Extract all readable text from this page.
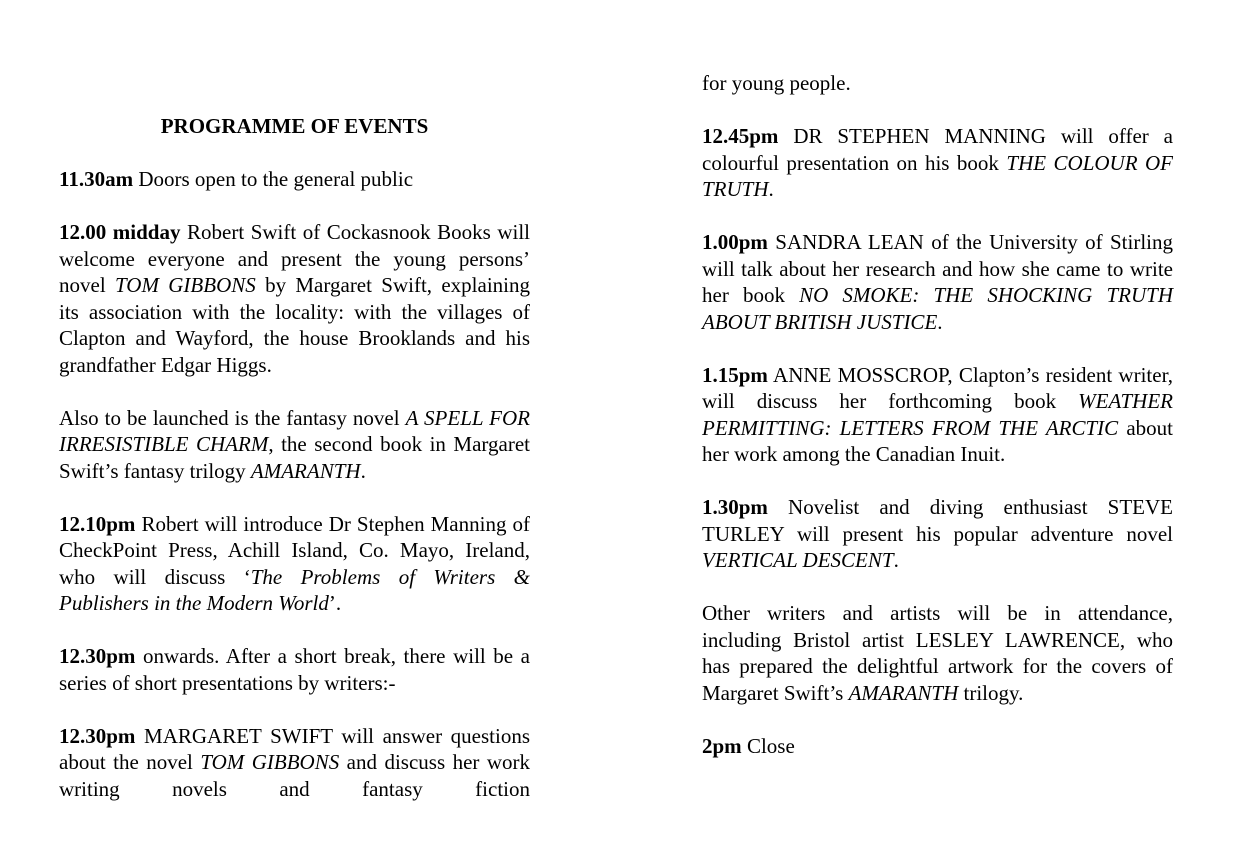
PROGRAMME OF EVENTS

11.30am Doors open to the general public

12.00 midday Robert Swift of Cockasnook Books will welcome everyone and present the young persons’ novel TOM GIBBONS by Margaret Swift, explaining its association with the locality: with the villages of Clapton and Wayford, the house Brooklands and his grandfather Edgar Higgs.

Also to be launched is the fantasy novel A SPELL FOR IRRESISTIBLE CHARM, the second book in Margaret Swift’s fantasy trilogy AMARANTH.

12.10pm Robert will introduce Dr Stephen Manning of CheckPoint Press, Achill Island, Co. Mayo, Ireland, who will discuss ‘The Problems of Writers & Publishers in the Modern World’.

12.30pm onwards. After a short break, there will be a series of short presentations by writers:-

12.30pm MARGARET SWIFT will answer questions about the novel TOM GIBBONS and discuss her work writing novels and fantasy fiction

for young people.

12.45pm DR STEPHEN MANNING will offer a colourful presentation on his book THE COLOUR OF TRUTH.

1.00pm SANDRA LEAN of the University of Stirling will talk about her research and how she came to write her book NO SMOKE: THE SHOCKING TRUTH ABOUT BRITISH JUSTICE.

1.15pm ANNE MOSSCROP, Clapton’s resident writer, will discuss her forthcoming book WEATHER PERMITTING: LETTERS FROM THE ARCTIC about her work among the Canadian Inuit.

1.30pm Novelist and diving enthusiast STEVE TURLEY will present his popular adventure novel VERTICAL DESCENT.

Other writers and artists will be in attendance, including Bristol artist LESLEY LAWRENCE, who has prepared the delightful artwork for the covers of Margaret Swift’s AMARANTH trilogy.

2pm Close
